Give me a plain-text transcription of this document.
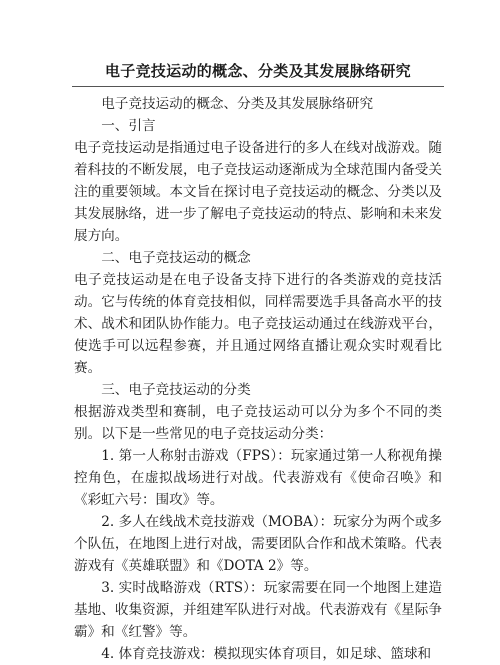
电子竞技运动的概念、分类及其发展脉络研究

电子竞技运动的概念、分类及其发展脉络研究

一、引言

电子竞技运动是指通过电子设备进行的多人在线对战游戏。随着科技的不断发展，电子竞技运动逐渐成为全球范围内备受关注的重要领域。本文旨在探讨电子竞技运动的概念、分类以及其发展脉络，进一步了解电子竞技运动的特点、影响和未来发展方向。

二、电子竞技运动的概念

电子竞技运动是在电子设备支持下进行的各类游戏的竞技活动。它与传统的体育竞技相似，同样需要选手具备高水平的技术、战术和团队协作能力。电子竞技运动通过在线游戏平台，使选手可以远程参赛，并且通过网络直播让观众实时观看比赛。

三、电子竞技运动的分类

根据游戏类型和赛制，电子竞技运动可以分为多个不同的类别。以下是一些常见的电子竞技运动分类：

1. 第一人称射击游戏（FPS）：玩家通过第一人称视角操控角色，在虚拟战场进行对战。代表游戏有《使命召唤》和《彩虹六号：围攻》等。

2. 多人在线战术竞技游戏（MOBA）：玩家分为两个或多个队伍，在地图上进行对战，需要团队合作和战术策略。代表游戏有《英雄联盟》和《DOTA 2》等。

3. 实时战略游戏（RTS）：玩家需要在同一个地图上建造基地、收集资源，并组建军队进行对战。代表游戏有《星际争霸》和《红警》等。

4. 体育竞技游戏：模拟现实体育项目，如足球、篮球和
